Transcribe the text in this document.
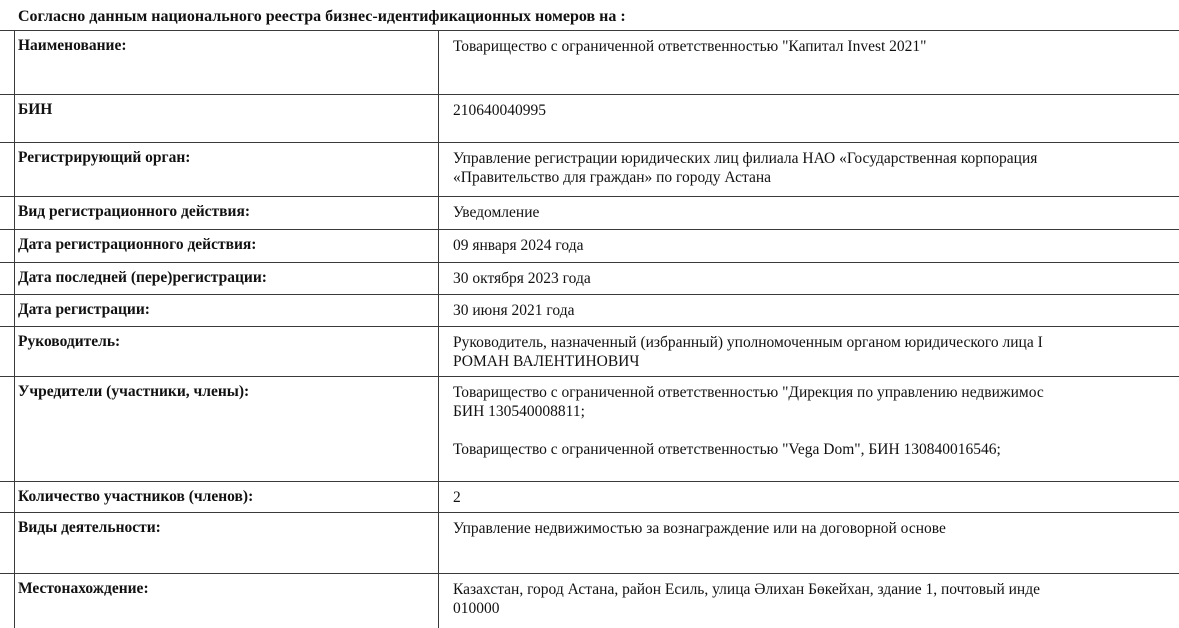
Согласно данным национального реестра бизнес-идентификационных номеров на :
Наименование:	Товарищество с ограниченной ответственностью "Капитал Invest 2021"
БИН	210640040995
Регистрирующий орган:	Управление регистрации юридических лиц филиала НАО «Государственная корпорация
«Правительство для граждан» по городу Астана
Вид регистрационного действия:	Уведомление
Дата регистрационного действия:	09 января 2024 года
Дата последней (пере)регистрации:	30 октября 2023 года
Дата регистрации:	30 июня 2021 года
Руководитель:	Руководитель, назначенный (избранный) уполномоченным органом юридического лица I
РОМАН ВАЛЕНТИНОВИЧ
Учредители (участники, члены):	Товарищество с ограниченной ответственностью "Дирекция по управлению недвижимос
БИН 130540008811;
Товарищество с ограниченной ответственностью "Vega Dom", БИН 130840016546;
Количество участников (членов):	2
Виды деятельности:	Управление недвижимостью за вознаграждение или на договорной основе
Местонахождение:	Казахстан, город Астана, район Есиль, улица Әлихан Бөкейхан, здание 1, почтовый инде
010000
